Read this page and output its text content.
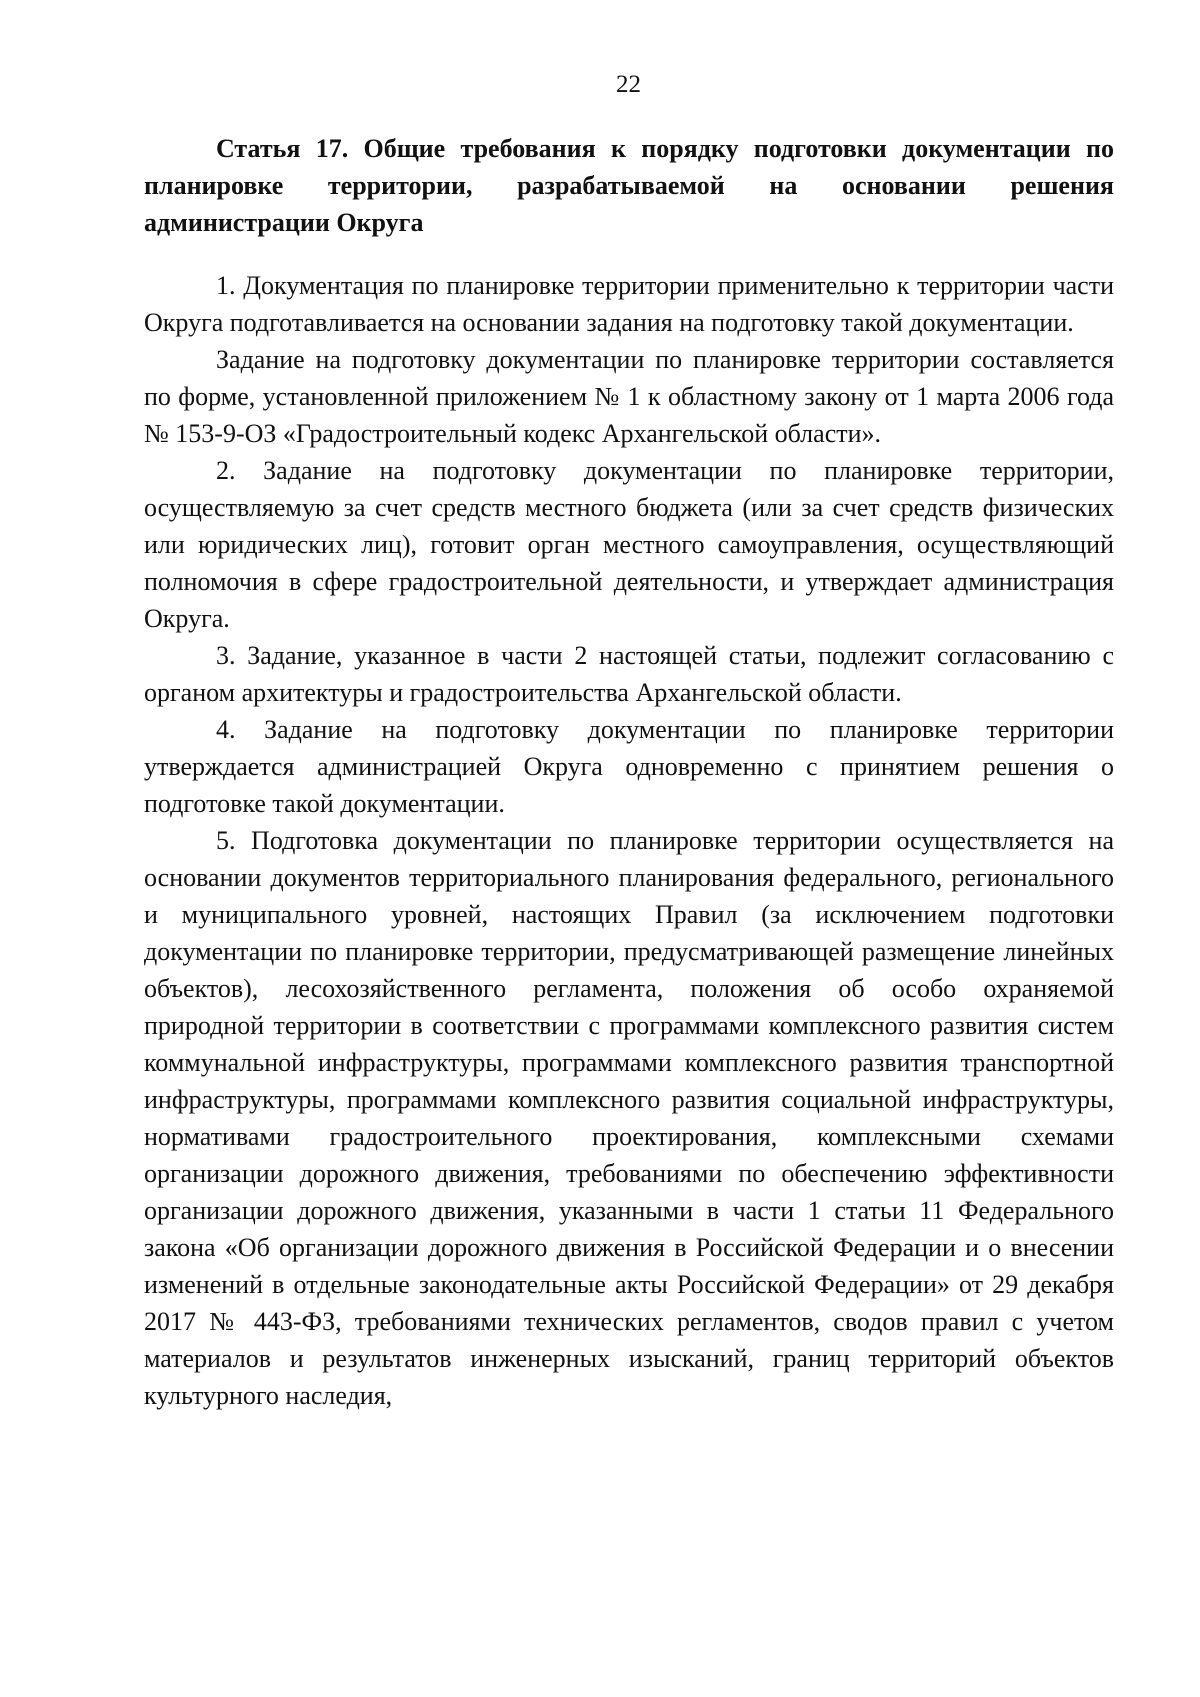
22

Статья 17. Общие требования к порядку подготовки документации по планировке территории, разрабатываемой на основании решения администрации Округа

1. Документация по планировке территории применительно к территории части Округа подготавливается на основании задания на подготовку такой документации.

Задание на подготовку документации по планировке территории составляется по форме, установленной приложением № 1 к областному закону от 1 марта 2006 года № 153-9-ОЗ «Градостроительный кодекс Архангельской области».

2. Задание на подготовку документации по планировке территории, осуществляемую за счет средств местного бюджета (или за счет средств физических или юридических лиц), готовит орган местного самоуправления, осуществляющий полномочия в сфере градостроительной деятельности, и утверждает администрация Округа.

3. Задание, указанное в части 2 настоящей статьи, подлежит согласованию с органом архитектуры и градостроительства Архангельской области.

4. Задание на подготовку документации по планировке территории утверждается администрацией Округа одновременно с принятием решения о подготовке такой документации.

5. Подготовка документации по планировке территории осуществляется на основании документов территориального планирования федерального, регионального и муниципального уровней, настоящих Правил (за исключением подготовки документации по планировке территории, предусматривающей размещение линейных объектов), лесохозяйственного регламента, положения об особо охраняемой природной территории в соответствии с программами комплексного развития систем коммунальной инфраструктуры, программами комплексного развития транспортной инфраструктуры, программами комплексного развития социальной инфраструктуры, нормативами градостроительного проектирования, комплексными схемами организации дорожного движения, требованиями по обеспечению эффективности организации дорожного движения, указанными в части 1 статьи 11 Федерального закона «Об организации дорожного движения в Российской Федерации и о внесении изменений в отдельные законодательные акты Российской Федерации» от 29 декабря 2017 № 443-ФЗ, требованиями технических регламентов, сводов правил с учетом материалов и результатов инженерных изысканий, границ территорий объектов культурного наследия,
